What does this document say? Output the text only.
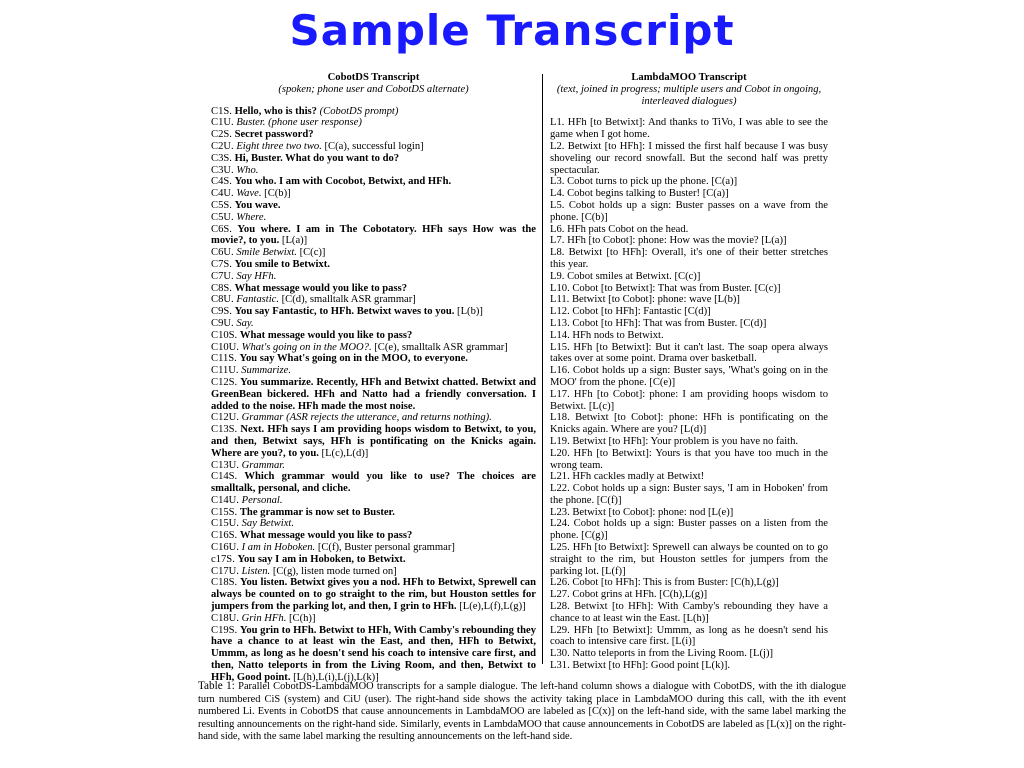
Sample Transcript
CobotDS Transcript
(spoken; phone user and CobotDS alternate)
C1S. Hello, who is this? (CobotDS prompt)
C1U. Buster. (phone user response)
C2S. Secret password?
C2U. Eight three two two. [C(a), successful login]
C3S. Hi, Buster. What do you want to do?
C3U. Who.
C4S. You who. I am with Cocobot, Betwixt, and HFh.
C4U. Wave. [C(b)]
C5S. You wave.
C5U. Where.
C6S. You where. I am in The Cobotatory. HFh says How was the movie?, to you. [L(a)]
C6U. Smile Betwixt. [C(c)]
C7S. You smile to Betwixt.
C7U. Say HFh.
C8S. What message would you like to pass?
C8U. Fantastic. [C(d), smalltalk ASR grammar]
C9S. You say Fantastic, to HFh. Betwixt waves to you. [L(b)]
C9U. Say.
C10S. What message would you like to pass?
C10U. What's going on in the MOO?. [C(e), smalltalk ASR grammar]
C11S. You say What's going on in the MOO, to everyone.
C11U. Summarize.
C12S. You summarize. Recently, HFh and Betwixt chatted. Betwixt and GreenBean bickered. HFh and Natto had a friendly conversation. I added to the noise. HFh made the most noise.
C12U. Grammar (ASR rejects the utterance, and returns nothing).
C13S. Next. HFh says I am providing hoops wisdom to Betwixt, to you, and then, Betwixt says, HFh is pontificating on the Knicks again. Where are you?, to you. [L(c),L(d)]
C13U. Grammar.
C14S. Which grammar would you like to use? The choices are smalltalk, personal, and cliche.
C14U. Personal.
C15S. The grammar is now set to Buster.
C15U. Say Betwixt.
C16S. What message would you like to pass?
C16U. I am in Hoboken. [C(f), Buster personal grammar]
c17S. You say I am in Hoboken, to Betwixt.
C17U. Listen. [C(g), listen mode turned on]
C18S. You listen. Betwixt gives you a nod. HFh to Betwixt, Sprewell can always be counted on to go straight to the rim, but Houston settles for jumpers from the parking lot, and then, I grin to HFh. [L(e),L(f),L(g)]
C18U. Grin HFh. [C(h)]
C19S. You grin to HFh. Betwixt to HFh, With Camby's rebounding they have a chance to at least win the East, and then, HFh to Betwixt, Ummm, as long as he doesn't send his coach to intensive care first, and then, Natto teleports in from the Living Room, and then, Betwixt to HFh, Good point. [L(h),L(i),L(j),L(k)]
LambdaMOO Transcript
(text, joined in progress; multiple users and Cobot in ongoing, interleaved dialogues)
L1. HFh [to Betwixt]: And thanks to TiVo, I was able to see the game when I got home.
L2. Betwixt [to HFh]: I missed the first half because I was busy shoveling our record snowfall. But the second half was pretty spectacular.
L3. Cobot turns to pick up the phone. [C(a)]
L4. Cobot begins talking to Buster! [C(a)]
L5. Cobot holds up a sign: Buster passes on a wave from the phone. [C(b)]
L6. HFh pats Cobot on the head.
L7. HFh [to Cobot]: phone: How was the movie? [L(a)]
L8. Betwixt [to HFh]: Overall, it's one of their better stretches this year.
L9. Cobot smiles at Betwixt. [C(c)]
L10. Cobot [to Betwixt]: That was from Buster. [C(c)]
L11. Betwixt [to Cobot]: phone: wave [L(b)]
L12. Cobot [to HFh]: Fantastic [C(d)]
L13. Cobot [to HFh]: That was from Buster. [C(d)]
L14. HFh nods to Betwixt.
L15. HFh [to Betwixt]: But it can't last. The soap opera always takes over at some point. Drama over basketball.
L16. Cobot holds up a sign: Buster says, 'What's going on in the MOO' from the phone. [C(e)]
L17. HFh [to Cobot]: phone: I am providing hoops wisdom to Betwixt. [L(c)]
L18. Betwixt [to Cobot]: phone: HFh is pontificating on the Knicks again. Where are you? [L(d)]
L19. Betwixt [to HFh]: Your problem is you have no faith.
L20. HFh [to Betwixt]: Yours is that you have too much in the wrong team.
L21. HFh cackles madly at Betwixt!
L22. Cobot holds up a sign: Buster says, 'I am in Hoboken' from the phone. [C(f)]
L23. Betwixt [to Cobot]: phone: nod [L(e)]
L24. Cobot holds up a sign: Buster passes on a listen from the phone. [C(g)]
L25. HFh [to Betwixt]: Sprewell can always be counted on to go straight to the rim, but Houston settles for jumpers from the parking lot. [L(f)]
L26. Cobot [to HFh]: This is from Buster: [C(h),L(g)]
L27. Cobot grins at HFh. [C(h),L(g)]
L28. Betwixt [to HFh]: With Camby's rebounding they have a chance to at least win the East. [L(h)]
L29. HFh [to Betwixt]: Ummm, as long as he doesn't send his coach to intensive care first. [L(i)]
L30. Natto teleports in from the Living Room. [L(j)]
L31. Betwixt [to HFh]: Good point [L(k)].
Table 1: Parallel CobotDS-LambdaMOO transcripts for a sample dialogue. The left-hand column shows a dialogue with CobotDS, with the ith dialogue turn numbered CiS (system) and CiU (user). The right-hand side shows the activity taking place in LambdaMOO during this call, with the ith event numbered Li. Events in CobotDS that cause announcements in LambdaMOO are labeled as [C(x)] on the left-hand side, with the same label marking the resulting announcements on the right-hand side. Similarly, events in LambdaMOO that cause announcements in CobotDS are labeled as [L(x)] on the right-hand side, with the same label marking the resulting announcements on the left-hand side.
